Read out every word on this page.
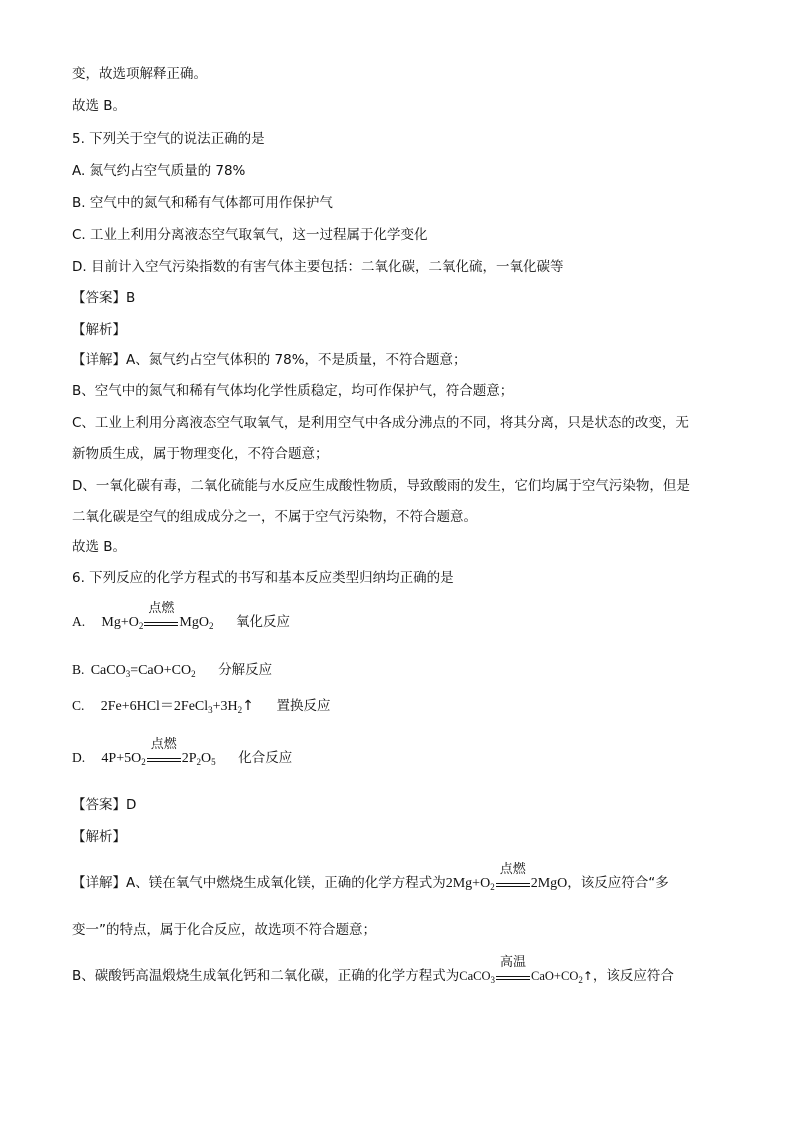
变，故选项解释正确。
故选 B。
5. 下列关于空气的说法正确的是
A. 氮气约占空气质量的 78%
B. 空气中的氮气和稀有气体都可用作保护气
C. 工业上利用分离液态空气取氧气，这一过程属于化学变化
D. 目前计入空气污染指数的有害气体主要包括：二氧化碳，二氧化硫，一氧化碳等
【答案】B
【解析】
【详解】A、氮气约占空气体积的 78%，不是质量，不符合题意；
B、空气中的氮气和稀有气体均化学性质稳定，均可作保护气，符合题意；
C、工业上利用分离液态空气取氧气，是利用空气中各成分沸点的不同，将其分离，只是状态的改变，无
新物质生成，属于物理变化，不符合题意；
D、一氧化碳有毒，二氧化硫能与水反应生成酸性物质，导致酸雨的发生，它们均属于空气污染物，但是
二氧化碳是空气的组成成分之一，不属于空气污染物，不符合题意。
故选 B。
6. 下列反应的化学方程式的书写和基本反应类型归纳均正确的是
A. $Mg+O_2$
点燃
MgO$_2$ 氧化反应
B. $CaCO_3=CaO+CO_2$ 分解反应
C. $2Fe+6HCl=2FeCl_3+3H_2↑$ 置换反应
D. $4P+5O_2$
点燃
$2P_2O_5$ 化合反应
【答案】D
【解析】
【详解】A、镁在氧气中燃烧生成氧化镁，正确的化学方程式为$2Mg+O_2$
点燃
2MgO，该反应符合“多
变一”的特点，属于化合反应，故选项不符合题意；
B、碳酸钙高温煅烧生成氧化钙和二氧化碳，正确的化学方程式为CaCO$_3$
高温
$CaO+CO_2↑$，该反应符合
